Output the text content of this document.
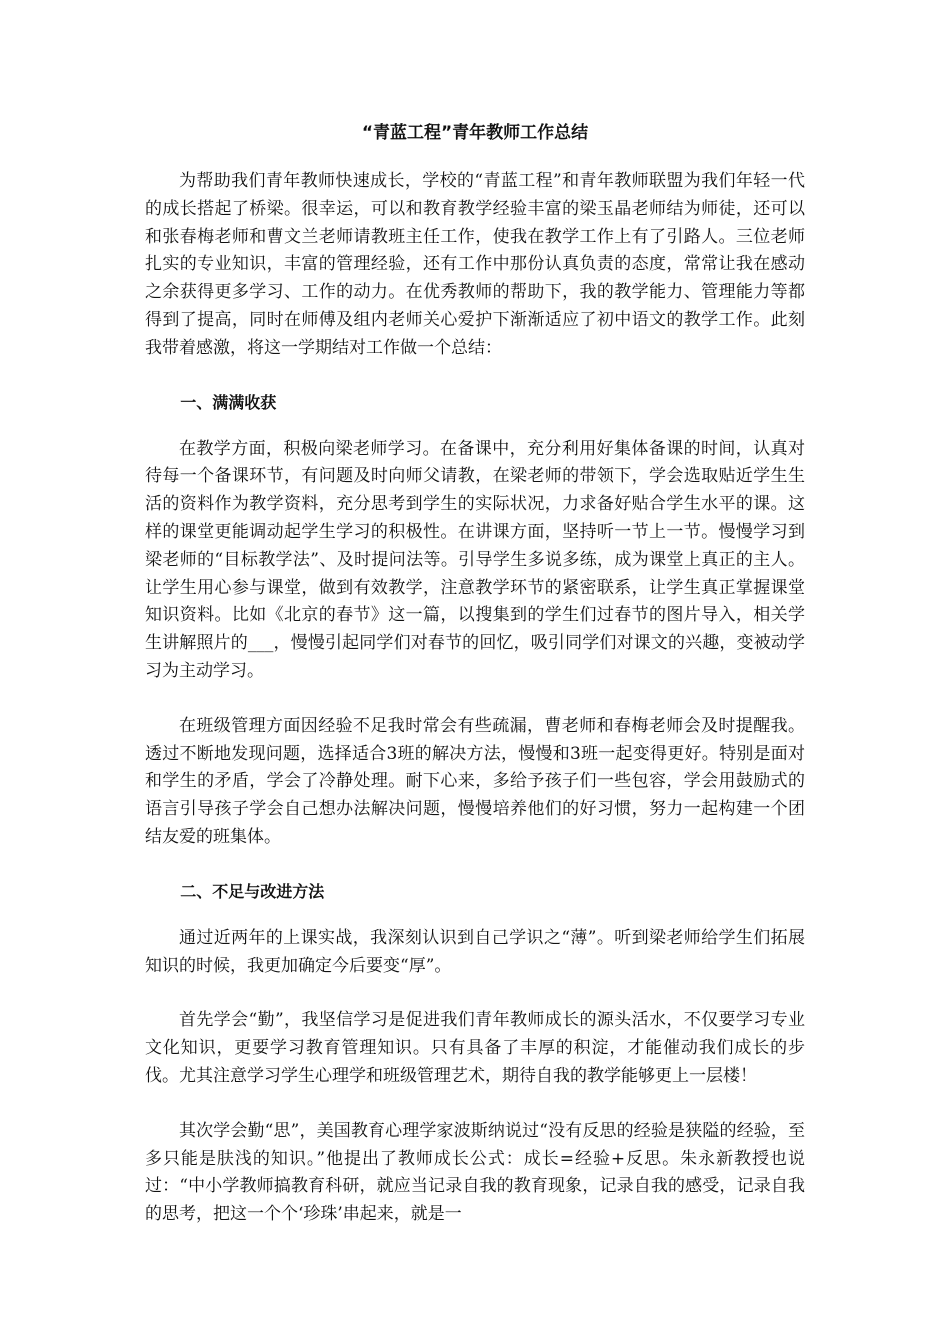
“青蓝工程”青年教师工作总结

为帮助我们青年教师快速成长，学校的“青蓝工程”和青年教师联盟为我们年轻一代的成长搭起了桥梁。很幸运，可以和教育教学经验丰富的梁玉晶老师结为师徒，还可以和张春梅老师和曹文兰老师请教班主任工作，使我在教学工作上有了引路人。三位老师扎实的专业知识，丰富的管理经验，还有工作中那份认真负责的态度，常常让我在感动之余获得更多学习、工作的动力。在优秀教师的帮助下，我的教学能力、管理能力等都得到了提高，同时在师傅及组内老师关心爱护下渐渐适应了初中语文的教学工作。此刻我带着感激，将这一学期结对工作做一个总结：

一、满满收获

在教学方面，积极向梁老师学习。在备课中，充分利用好集体备课的时间，认真对待每一个备课环节，有问题及时向师父请教，在梁老师的带领下，学会选取贴近学生生活的资料作为教学资料，充分思考到学生的实际状况，力求备好贴合学生水平的课。这样的课堂更能调动起学生学习的积极性。在讲课方面，坚持听一节上一节。慢慢学习到梁老师的“目标教学法”、及时提问法等。引导学生多说多练，成为课堂上真正的主人。让学生用心参与课堂，做到有效教学，注意教学环节的紧密联系，让学生真正掌握课堂知识资料。比如《北京的春节》这一篇，以搜集到的学生们过春节的图片导入，相关学生讲解照片的___，慢慢引起同学们对春节的回忆，吸引同学们对课文的兴趣，变被动学习为主动学习。

在班级管理方面因经验不足我时常会有些疏漏，曹老师和春梅老师会及时提醒我。透过不断地发现问题，选择适合3班的解决方法，慢慢和3班一起变得更好。特别是面对和学生的矛盾，学会了冷静处理。耐下心来，多给予孩子们一些包容，学会用鼓励式的语言引导孩子学会自己想办法解决问题，慢慢培养他们的好习惯，努力一起构建一个团结友爱的班集体。

二、不足与改进方法

通过近两年的上课实战，我深刻认识到自己学识之“薄”。听到梁老师给学生们拓展知识的时候，我更加确定今后要变“厚”。

首先学会“勤”，我坚信学习是促进我们青年教师成长的源头活水，不仅要学习专业文化知识，更要学习教育管理知识。只有具备了丰厚的积淀，才能催动我们成长的步伐。尤其注意学习学生心理学和班级管理艺术，期待自我的教学能够更上一层楼！

其次学会勤“思”，美国教育心理学家波斯纳说过“没有反思的经验是狭隘的经验，至多只能是肤浅的知识。”他提出了教师成长公式：成长=经验+反思。朱永新教授也说过：“中小学教师搞教育科研，就应当记录自我的教育现象，记录自我的感受，记录自我的思考，把这一个个‘珍珠’串起来，就是一
